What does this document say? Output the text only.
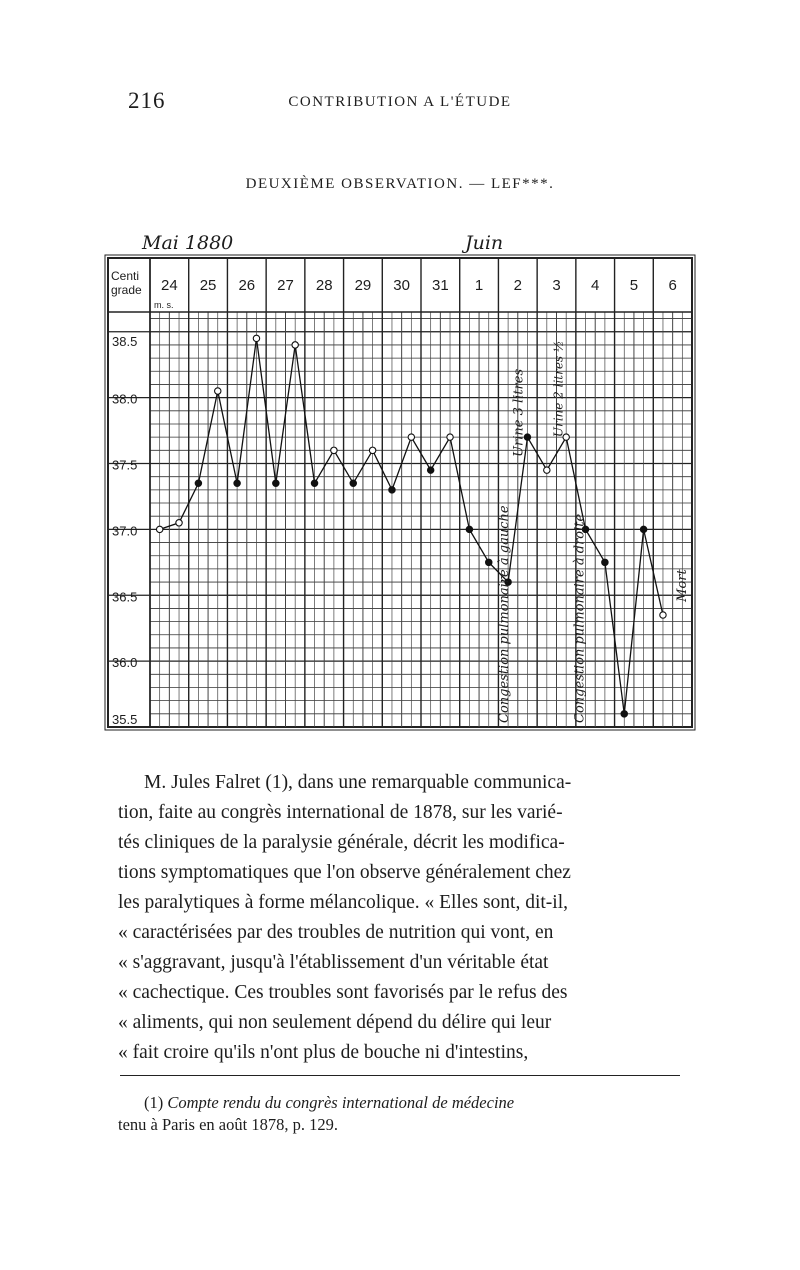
216	CONTRIBUTION A L'ÉTUDE
DEUXIÈME OBSERVATION. — LEF***.
Mai 1880	Juin
Centi
grade
m. s.
24 25 26 27 28 29 30 31 1 2 3 4 5 6
38.5
38.0
37.5
37.0
36.5
36.0
35.5
Urine 3 litres Urine 2 litres ½
Congestion pulmonaire à gauche	Congestion pulmonaire à droite	Mort

M. Jules Falret (1), dans une remarquable communica-
tion, faite au congrès international de 1878, sur les varié-
tés cliniques de la paralysie générale, décrit les modifica-
tions symptomatiques que l'on observe généralement chez
les paralytiques à forme mélancolique. « Elles sont, dit-il,
« caractérisées par des troubles de nutrition qui vont, en
« s'aggravant, jusqu'à l'établissement d'un véritable état
« cachectique. Ces troubles sont favorisés par le refus des
« aliments, qui non seulement dépend du délire qui leur
« fait croire qu'ils n'ont plus de bouche ni d'intestins,

(1) Compte rendu du congrès international de médecine
tenu à Paris en août 1878, p. 129.
